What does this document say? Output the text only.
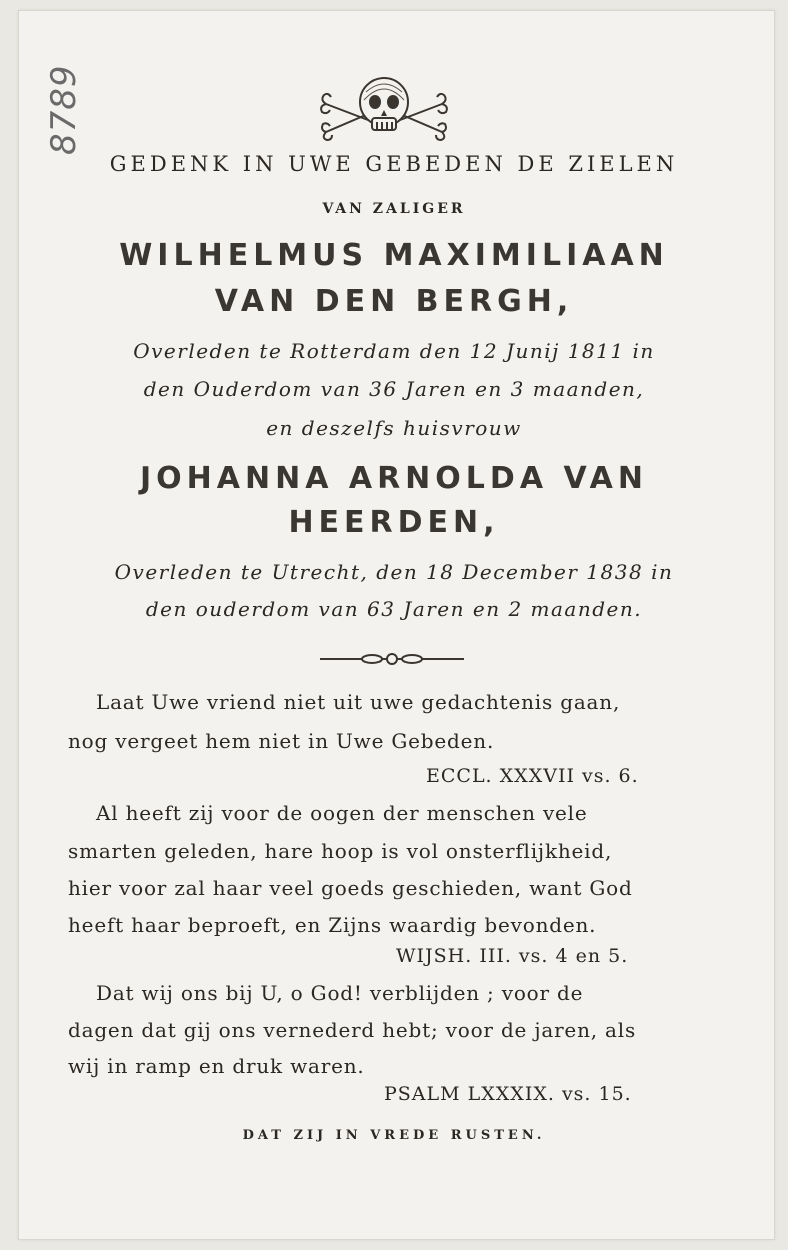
8789
GEDENK IN UWE GEBEDEN DE ZIELEN
VAN ZALIGER
WILHELMUS MAXIMILIAAN
VAN DEN BERGH,
Overleden te Rotterdam den 12 Junij 1811 in
den Ouderdom van 36 Jaren en 3 maanden,
en deszelfs huisvrouw
JOHANNA ARNOLDA VAN
HEERDEN,
Overleden te Utrecht, den 18 December 1838 in
den ouderdom van 63 Jaren en 2 maanden.
Laat Uwe vriend niet uit uwe gedachtenis gaan,
nog vergeet hem niet in Uwe Gebeden.
ECCL. XXXVII vs. 6.
Al heeft zij voor de oogen der menschen vele
smarten geleden, hare hoop is vol onsterflijkheid,
hier voor zal haar veel goeds geschieden, want God
heeft haar beproeft, en Zijns waardig bevonden.
WIJSH. III. vs. 4 en 5.
Dat wij ons bij U, o God! verblijden ; voor de
dagen dat gij ons vernederd hebt; voor de jaren, als
wij in ramp en druk waren.
PSALM LXXXIX. vs. 15.
DAT ZIJ IN VREDE RUSTEN.
